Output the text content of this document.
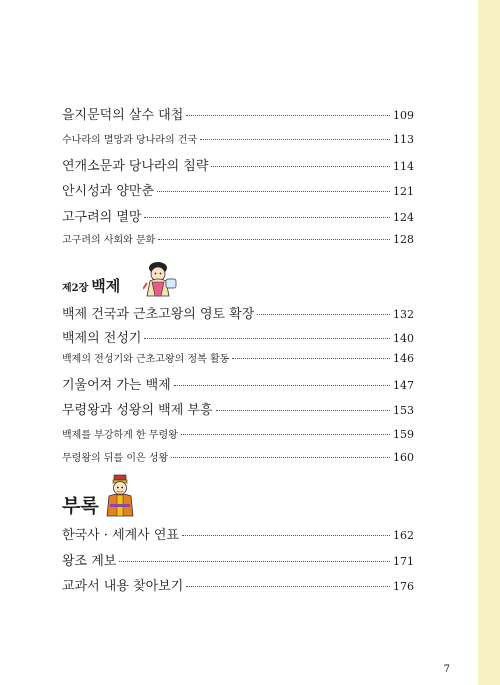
을지문덕의 살수 대첩	109
수나라의 멸망과 당나라의 건국	113
연개소문과 당나라의 침략	114
안시성과 양만춘	121
고구려의 멸망	124
고구려의 사회와 문화	128
제2장 백제
백제 건국과 근초고왕의 영토 확장	132
백제의 전성기	140
백제의 전성기와 근초고왕의 정복 활동	146
기울어져 가는 백제	147
무령왕과 성왕의 백제 부흥	153
백제를 부강하게 한 무령왕	159
무령왕의 뒤를 이은 성왕	160
부록
한국사 · 세계사 연표	162
왕조 계보	171
교과서 내용 찾아보기	176
7
